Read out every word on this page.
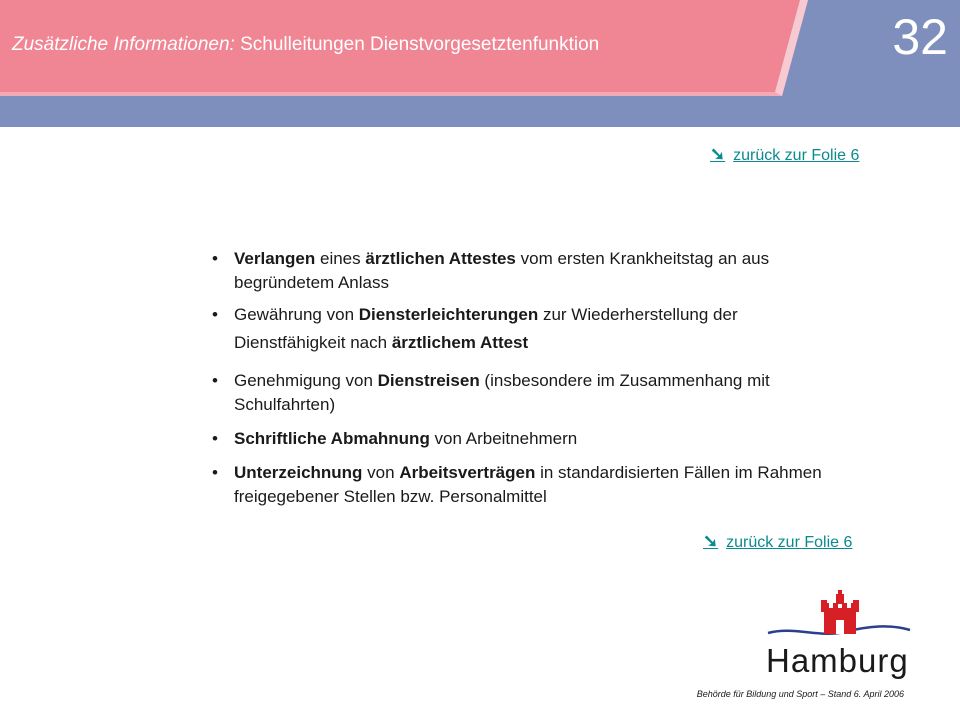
Zusätzliche Informationen: Schulleitungen Dienstvorgesetztenfunktion	32
➘ zurück zur Folie 6
• Verlangen eines ärztlichen Attestes vom ersten Krankheitstag an aus begründetem Anlass
• Gewährung von Diensterleichterungen zur Wiederherstellung der Dienstfähigkeit nach ärztlichem Attest
• Genehmigung von Dienstreisen (insbesondere im Zusammenhang mit Schulfahrten)
• Schriftliche Abmahnung von Arbeitnehmern
• Unterzeichnung von Arbeitsverträgen in standardisierten Fällen im Rahmen freigegebener Stellen bzw. Personalmittel
➘ zurück zur Folie 6
Hamburg
Behörde für Bildung und Sport – Stand 6. April 2006
